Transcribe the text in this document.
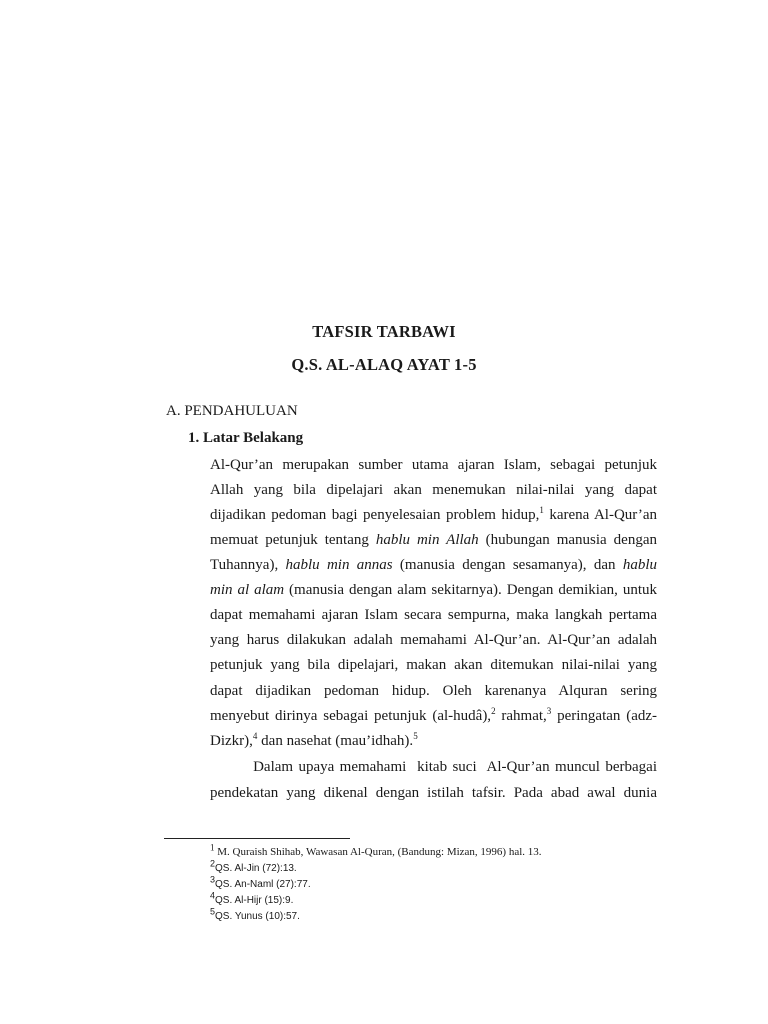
TAFSIR TARBAWI
Q.S. AL-ALAQ AYAT 1-5
A. PENDAHULUAN
1. Latar Belakang
Al-Qur’an merupakan sumber utama ajaran Islam, sebagai petunjuk
Allah yang bila dipelajari akan menemukan nilai-nilai yang dapat
dijadikan pedoman bagi penyelesaian problem hidup,$^1$ karena Al-Qur’an
memuat petunjuk tentang hablu min Allah (hubungan manusia dengan
Tuhannya), hablu min annas (manusia dengan sesamanya), dan hablu
min al alam (manusia dengan alam sekitarnya). Dengan demikian, untuk
dapat memahami ajaran Islam secara sempurna, maka langkah pertama
yang harus dilakukan adalah memahami Al-Qur’an. Al-Qur’an adalah
petunjuk yang bila dipelajari, makan akan ditemukan nilai-nilai yang
dapat dijadikan pedoman hidup. Oleh karenanya Alquran sering
menyebut dirinya sebagai petunjuk (al-hudâ),$^2$ rahmat,$^3$ peringatan (adz-
Dizkr),$^4$ dan nasehat (mau’idhah).$^5$
Dalam upaya memahami  kitab suci  Al-Qur’an muncul berbagai
pendekatan yang dikenal dengan istilah tafsir. Pada abad awal dunia
$^1$ M. Quraish Shihab, Wawasan Al-Quran, (Bandung: Mizan, 1996) hal. 13.
$^2$QS. Al-Jin (72):13.
$^3$QS. An-Naml (27):77.
$^4$QS. Al-Hijr (15):9.
$^5$QS. Yunus (10):57.
